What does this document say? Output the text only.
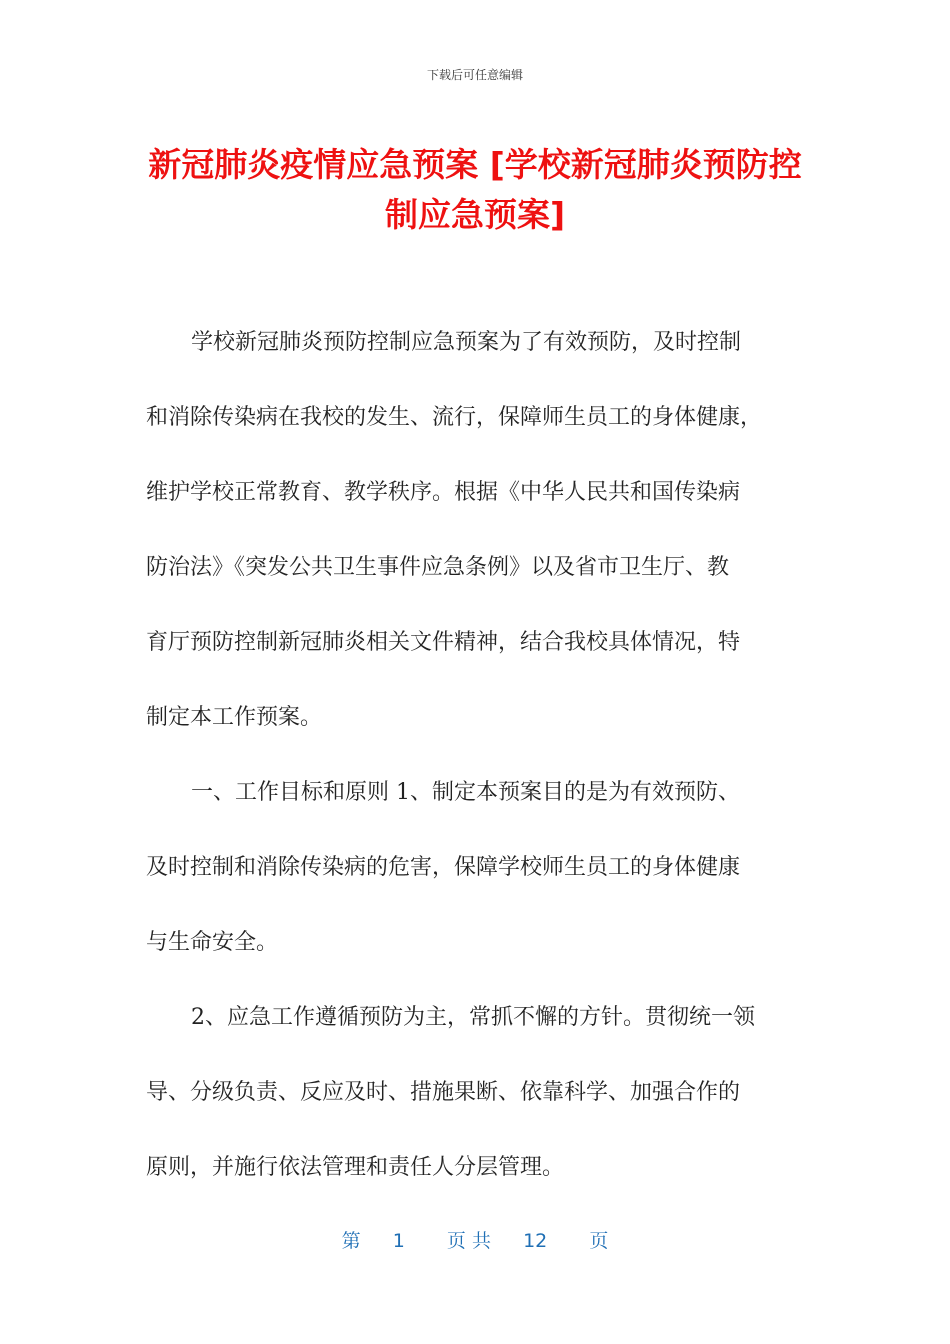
下载后可任意编辑
新冠肺炎疫情应急预案 [学校新冠肺炎预防控
制应急预案]
学校新冠肺炎预防控制应急预案为了有效预防，及时控制
和消除传染病在我校的发生、流行，保障师生员工的身体健康，
维护学校正常教育、教学秩序。根据《中华人民共和国传染病
防治法》《突发公共卫生事件应急条例》以及省市卫生厅、教
育厅预防控制新冠肺炎相关文件精神，结合我校具体情况，特
制定本工作预案。
一、工作目标和原则 1、制定本预案目的是为有效预防、
及时控制和消除传染病的危害，保障学校师生员工的身体健康
与生命安全。
2、应急工作遵循预防为主，常抓不懈的方针。贯彻统一领
导、分级负责、反应及时、措施果断、依靠科学、加强合作的
原则，并施行依法管理和责任人分层管理。
第 1 页 共 12 页
